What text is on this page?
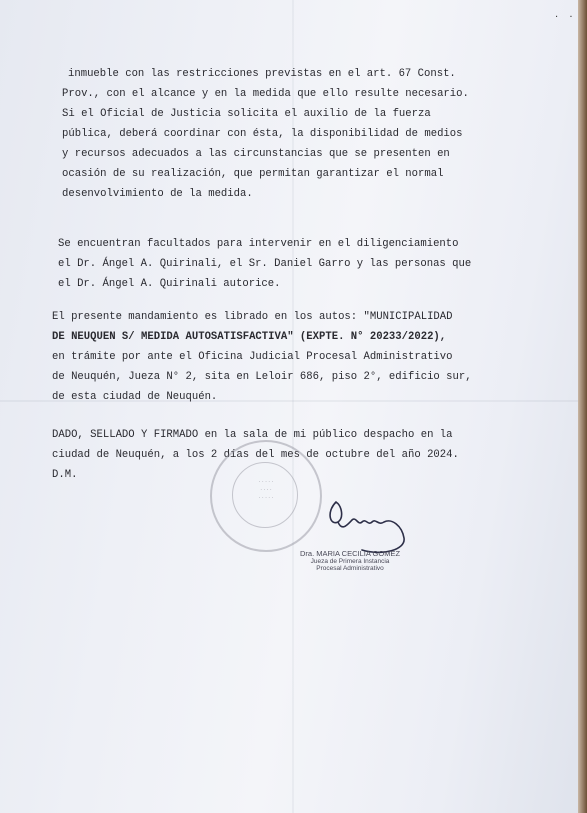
· ·
inmueble con las restricciones previstas en el art. 67 Const.
Prov., con el alcance y en la medida que ello resulte necesario.
Si el Oficial de Justicia solicita el auxilio de la fuerza
pública, deberá coordinar con ésta, la disponibilidad de medios
y recursos adecuados a las circunstancias que se presenten en
ocasión de su realización, que permitan garantizar el normal
desenvolvimiento de la medida.
Se encuentran facultados para intervenir en el diligenciamiento
el Dr. Ángel A. Quirinali, el Sr. Daniel Garro y las personas que
el Dr. Ángel A. Quirinali autorice.
El presente mandamiento es librado en los autos: "MUNICIPALIDAD
DE NEUQUEN S/ MEDIDA AUTOSATISFACTIVA" (EXPTE. N° 20233/2022),
en trámite por ante el Oficina Judicial Procesal Administrativo
de Neuquén, Jueza N° 2, sita en Leloir 686, piso 2°, edificio sur,
de esta ciudad de Neuquén.
DADO, SELLADO Y FIRMADO en la sala de mi público despacho en la
ciudad de Neuquén, a los 2 días del mes de octubre del año 2024.
D.M.
· · · · ·
· · · ·
· · · · ·
Dra. MARIA CECILIA GOMEZ
Jueza de Primera Instancia
Procesal Administrativo
